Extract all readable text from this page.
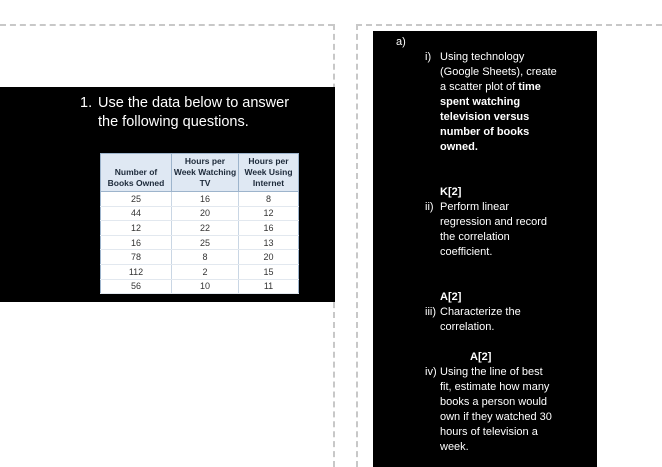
1. Use the data below to answer the following questions.
Number of Books Owned	Hours per Week Watching TV	Hours per Week Using Internet
25	16	8
44	20	12
12	22	16
16	25	13
78	8	20
112	2	15
56	10	11
a)
i) Using technology (Google Sheets), create a scatter plot of time spent watching television versus number of books owned.
K[2]
ii) Perform linear regression and record the correlation coefficient.
A[2]
iii) Characterize the correlation.
A[2]
iv) Using the line of best fit, estimate how many books a person would own if they watched 30 hours of television a week.
